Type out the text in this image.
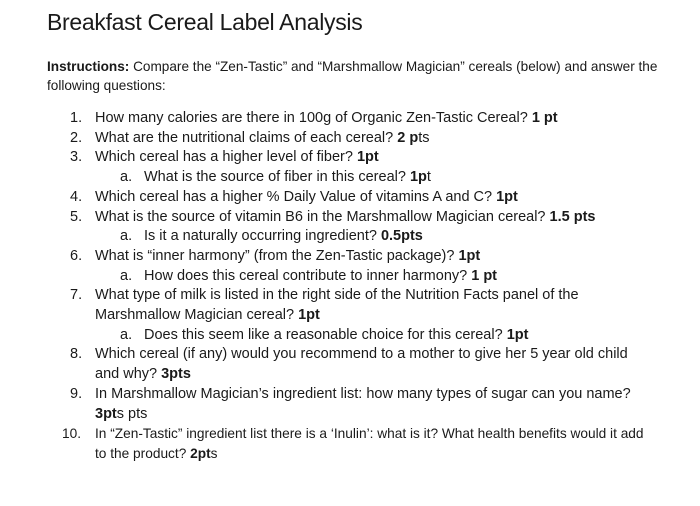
Breakfast Cereal Label Analysis
Instructions: Compare the “Zen-Tastic” and “Marshmallow Magician” cereals (below) and answer the following questions:
1. How many calories are there in 100g of Organic Zen-Tastic Cereal? 1 pt
2. What are the nutritional claims of each cereal? 2 pts
3. Which cereal has a higher level of fiber? 1pt
a. What is the source of fiber in this cereal? 1pt
4. Which cereal has a higher % Daily Value of vitamins A and C? 1pt
5. What is the source of vitamin B6 in the Marshmallow Magician cereal? 1.5 pts
a. Is it a naturally occurring ingredient? 0.5pts
6. What is “inner harmony” (from the Zen-Tastic package)? 1pt
a. How does this cereal contribute to inner harmony? 1 pt
7. What type of milk is listed in the right side of the Nutrition Facts panel of the Marshmallow Magician cereal? 1pt
a. Does this seem like a reasonable choice for this cereal? 1pt
8. Which cereal (if any) would you recommend to a mother to give her 5 year old child and why? 3pts
9. In Marshmallow Magician’s ingredient list: how many types of sugar can you name? 3pts pts
10. In “Zen-Tastic” ingredient list there is a ‘Inulin’: what is it? What health benefits would it add to the product? 2pts
